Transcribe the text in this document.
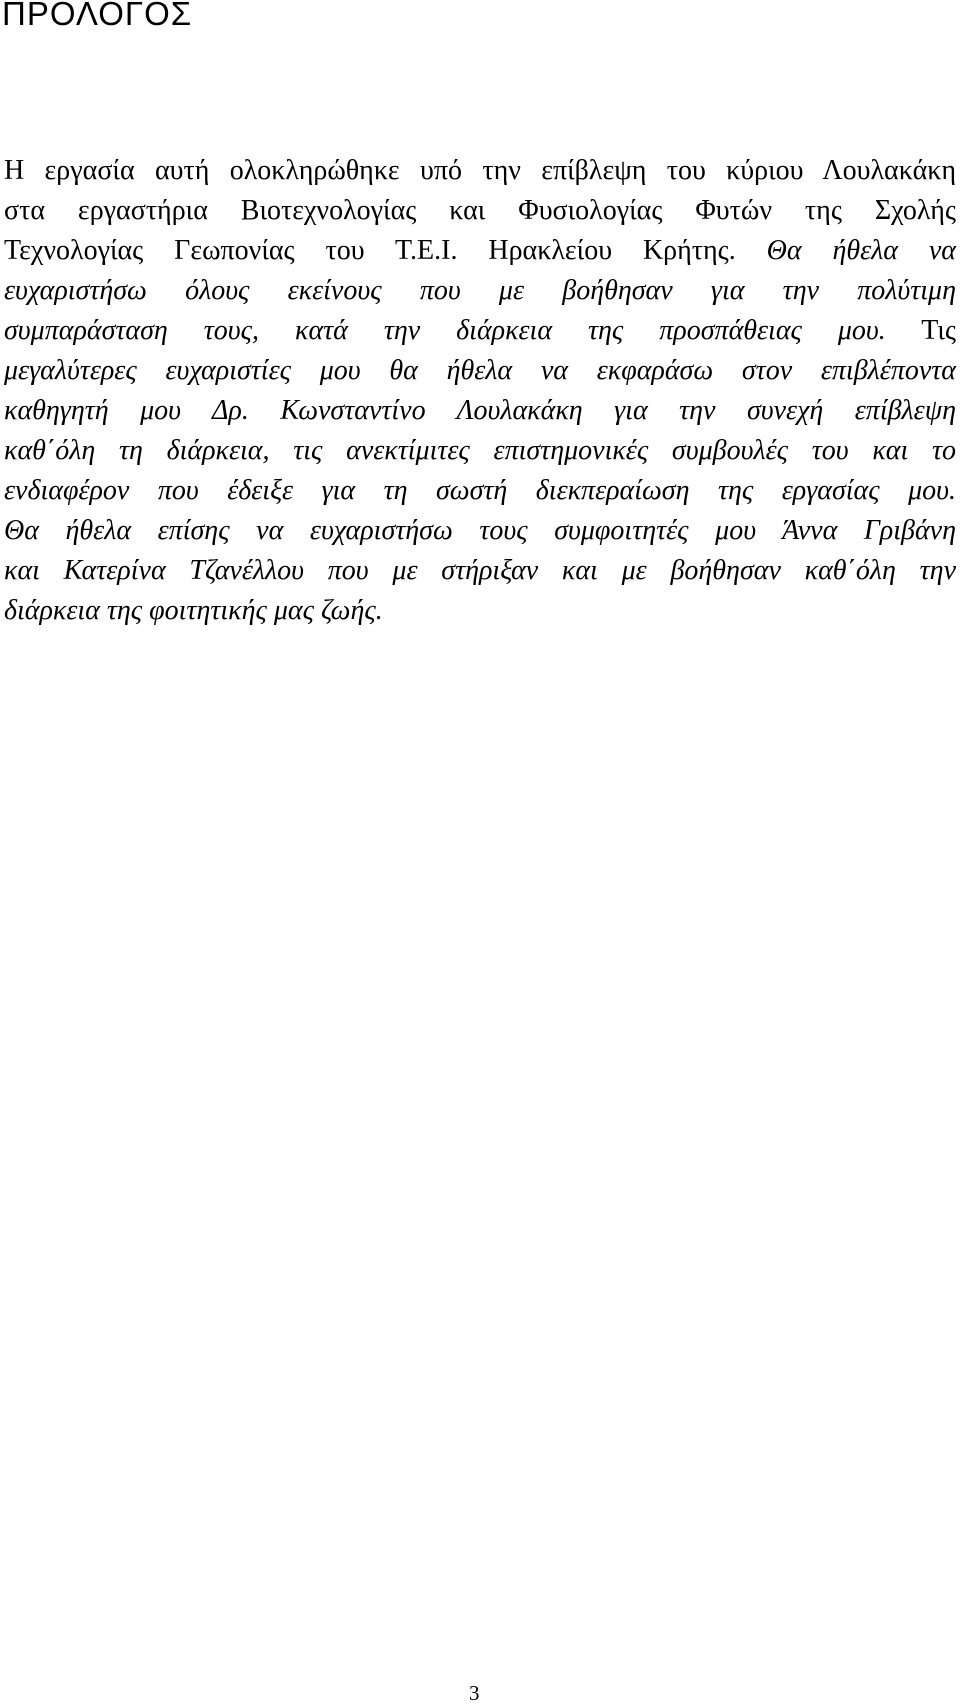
ΠΡΟΛΟΓΟΣ
Η εργασία αυτή ολοκληρώθηκε υπό την επίβλεψη του κύριου Λουλακάκη
στα εργαστήρια Βιοτεχνολογίας και Φυσιολογίας Φυτών της Σχολής
Τεχνολογίας Γεωπονίας του Τ.Ε.Ι. Ηρακλείου Κρήτης. Θα ήθελα να
ευχαριστήσω όλους εκείνους που με βοήθησαν για την πολύτιμη
συμπαράσταση τους, κατά την διάρκεια της προσπάθειας μου. Τις
μεγαλύτερες ευχαριστίες μου θα ήθελα να εκφαράσω στον επιβλέποντα
καθηγητή μου Δρ. Κωνσταντίνο Λουλακάκη για την συνεχή επίβλεψη
καθ΄όλη τη διάρκεια, τις ανεκτίμιτες επιστημονικές συμβουλές του και το
ενδιαφέρον που έδειξε για τη σωστή διεκπεραίωση της εργασίας μου.
Θα ήθελα επίσης να ευχαριστήσω τους συμφοιτητές μου Άννα Γριβάνη
και Κατερίνα Τζανέλλου που με στήριξαν και με βοήθησαν καθ΄όλη την
διάρκεια της φοιτητικής μας ζωής.
3
